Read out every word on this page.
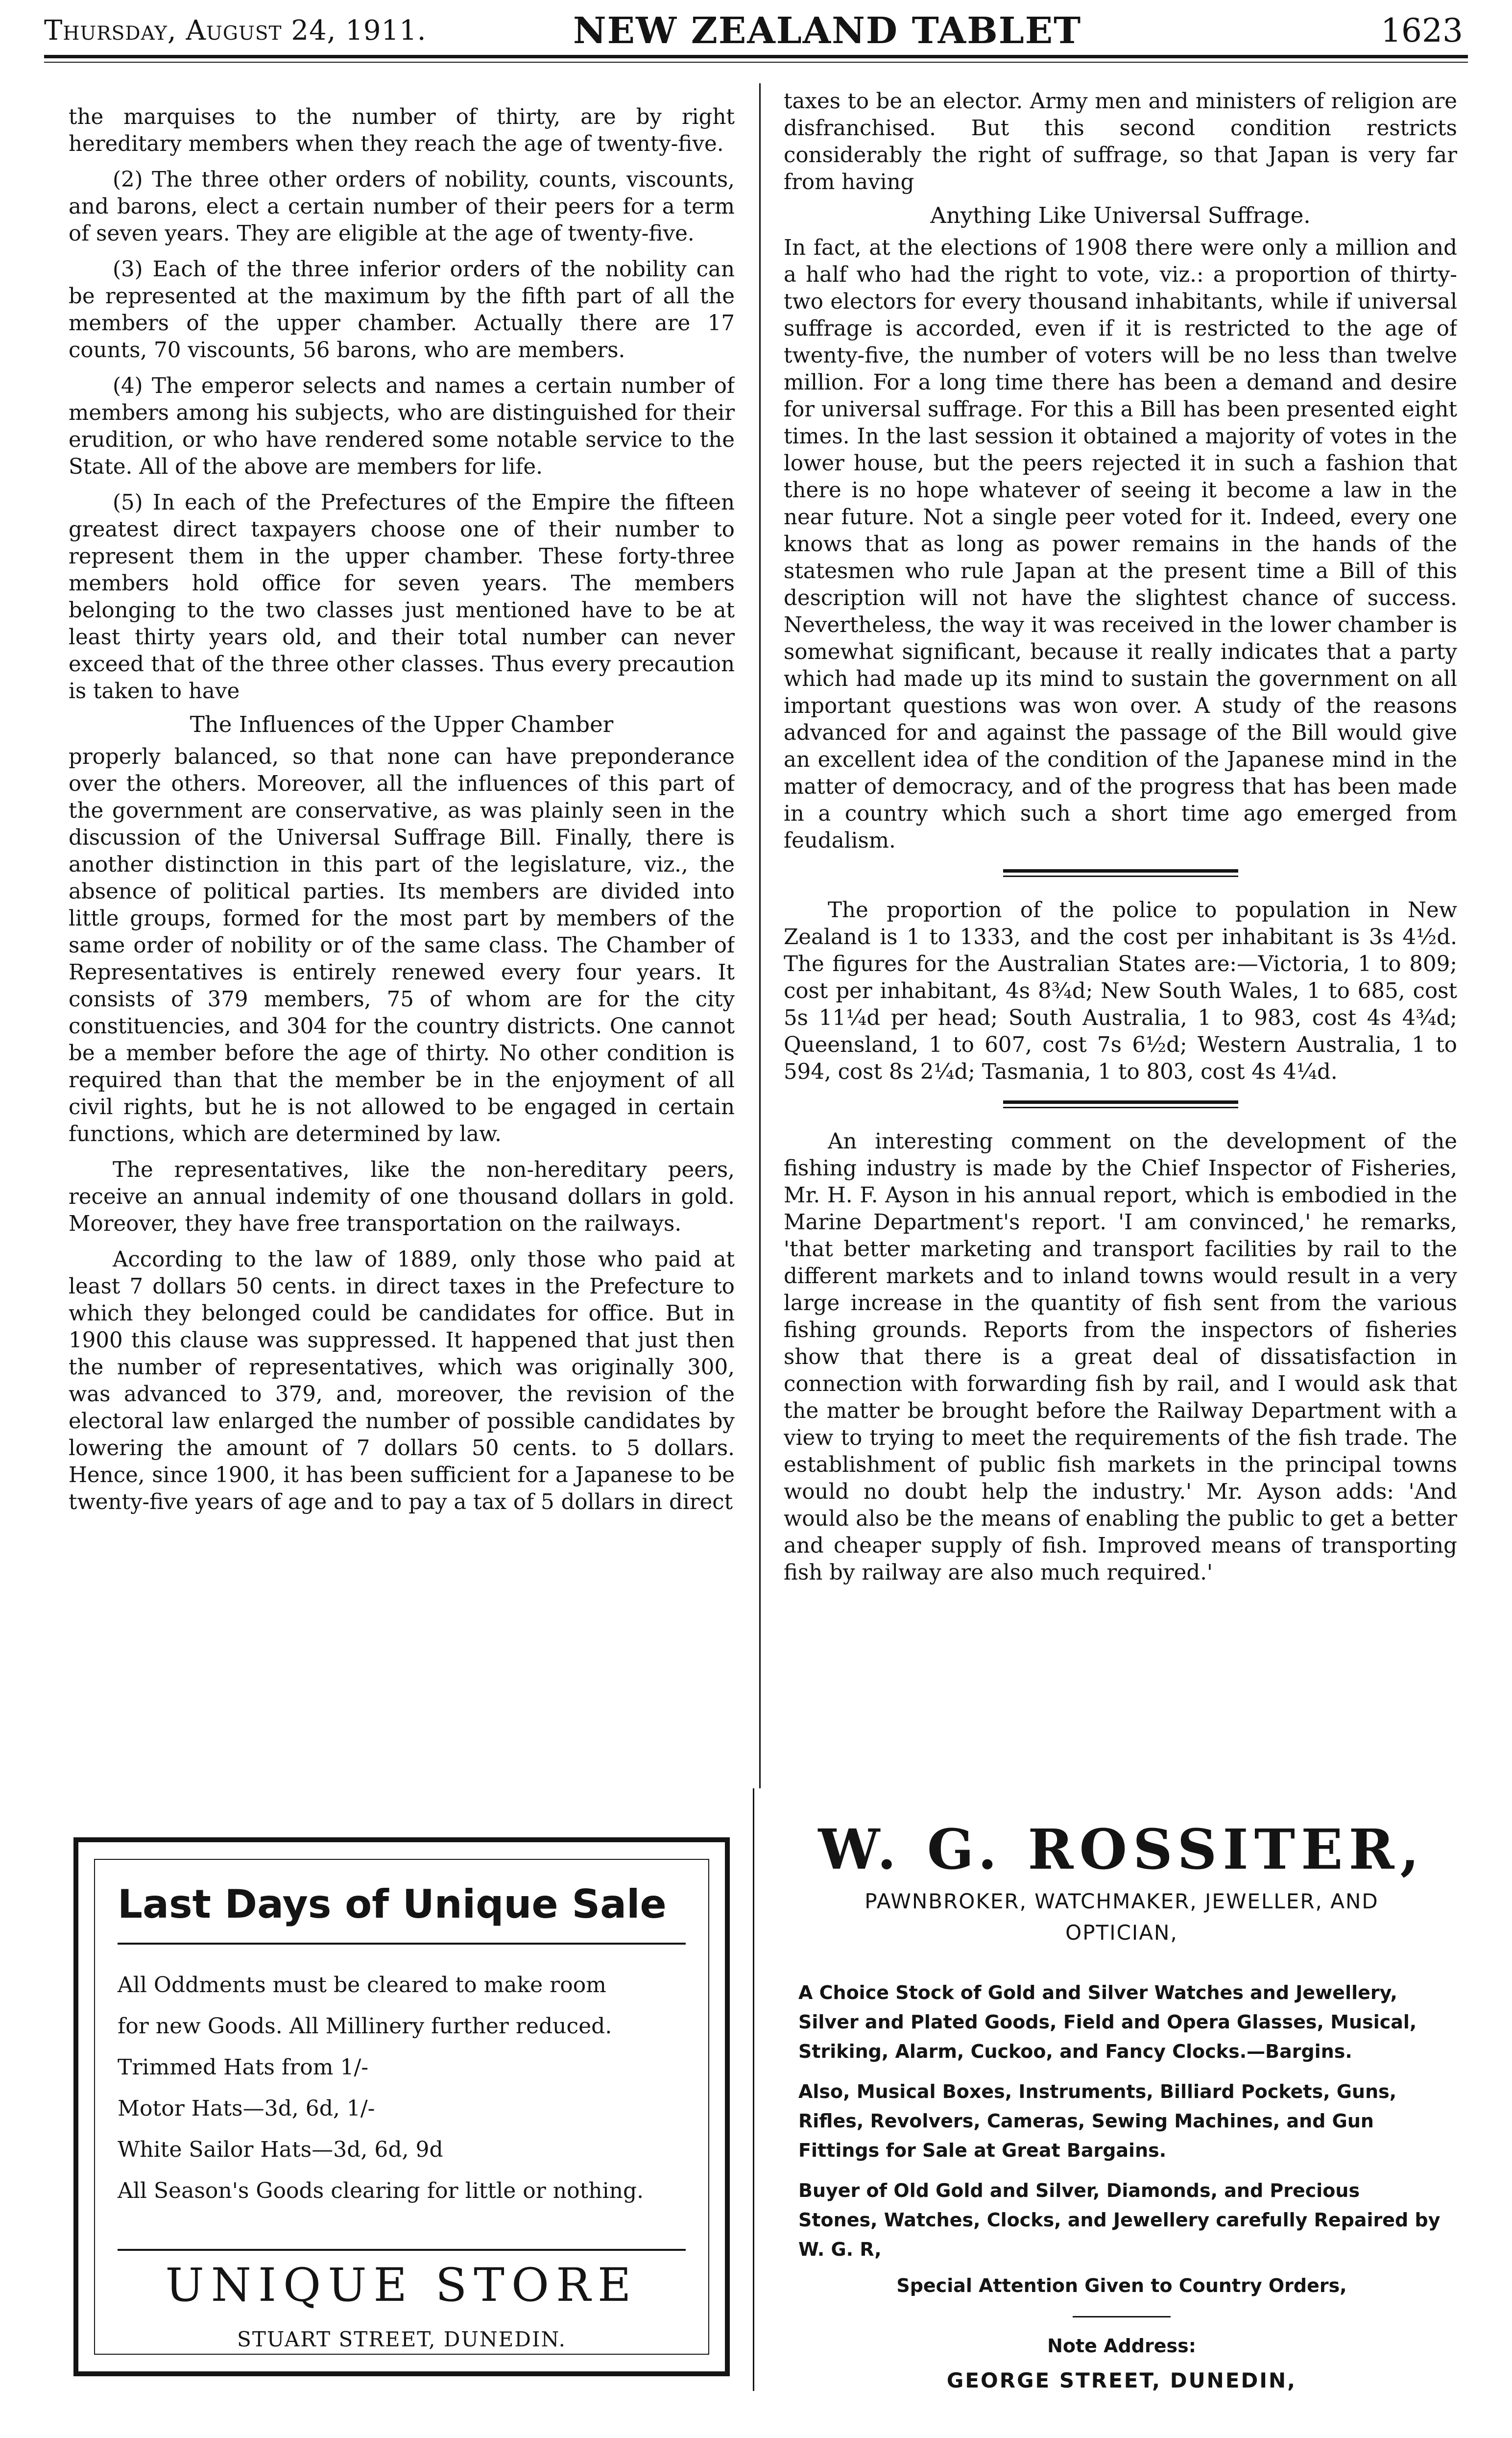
Thursday, August 24, 1911.	NEW ZEALAND TABLET	1623

the marquises to the number of thirty, are by right hereditary members when they reach the age of twenty-five.

(2) The three other orders of nobility, counts, viscounts, and barons, elect a certain number of their peers for a term of seven years. They are eligible at the age of twenty-five.

(3) Each of the three inferior orders of the nobility can be represented at the maximum by the fifth part of all the members of the upper chamber. Actually there are 17 counts, 70 viscounts, 56 barons, who are members.

(4) The emperor selects and names a certain number of members among his subjects, who are distinguished for their erudition, or who have rendered some notable service to the State. All of the above are members for life.

(5) In each of the Prefectures of the Empire the fifteen greatest direct taxpayers choose one of their number to represent them in the upper chamber. These forty-three members hold office for seven years. The members belonging to the two classes just mentioned have to be at least thirty years old, and their total number can never exceed that of the three other classes. Thus every precaution is taken to have

The Influences of the Upper Chamber

properly balanced, so that none can have preponderance over the others. Moreover, all the influences of this part of the government are conservative, as was plainly seen in the discussion of the Universal Suffrage Bill. Finally, there is another distinction in this part of the legislature, viz., the absence of political parties. Its members are divided into little groups, formed for the most part by members of the same order of nobility or of the same class. The Chamber of Representatives is entirely renewed every four years. It consists of 379 members, 75 of whom are for the city constituencies, and 304 for the country districts. One cannot be a member before the age of thirty. No other condition is required than that the member be in the enjoyment of all civil rights, but he is not allowed to be engaged in certain functions, which are determined by law.

The representatives, like the non-hereditary peers, receive an annual indemity of one thousand dollars in gold. Moreover, they have free transportation on the railways.

According to the law of 1889, only those who paid at least 7 dollars 50 cents. in direct taxes in the Prefecture to which they belonged could be candidates for office. But in 1900 this clause was suppressed. It happened that just then the number of representatives, which was originally 300, was advanced to 379, and, moreover, the revision of the electoral law enlarged the number of possible candidates by lowering the amount of 7 dollars 50 cents. to 5 dollars. Hence, since 1900, it has been sufficient for a Japanese to be twenty-five years of age and to pay a tax of 5 dollars in direct

taxes to be an elector. Army men and ministers of religion are disfranchised. But this second condition restricts considerably the right of suffrage, so that Japan is very far from having

Anything Like Universal Suffrage.

In fact, at the elections of 1908 there were only a million and a half who had the right to vote, viz.: a proportion of thirty-two electors for every thousand inhabitants, while if universal suffrage is accorded, even if it is restricted to the age of twenty-five, the number of voters will be no less than twelve million. For a long time there has been a demand and desire for universal suffrage. For this a Bill has been presented eight times. In the last session it obtained a majority of votes in the lower house, but the peers rejected it in such a fashion that there is no hope whatever of seeing it become a law in the near future. Not a single peer voted for it. Indeed, every one knows that as long as power remains in the hands of the statesmen who rule Japan at the present time a Bill of this description will not have the slightest chance of success. Nevertheless, the way it was received in the lower chamber is somewhat significant, because it really indicates that a party which had made up its mind to sustain the government on all important questions was won over. A study of the reasons advanced for and against the passage of the Bill would give an excellent idea of the condition of the Japanese mind in the matter of democracy, and of the progress that has been made in a country which such a short time ago emerged from feudalism.

The proportion of the police to population in New Zealand is 1 to 1333, and the cost per inhabitant is 3s 4½d. The figures for the Australian States are:—Victoria, 1 to 809; cost per inhabitant, 4s 8¾d; New South Wales, 1 to 685, cost 5s 11¼d per head; South Australia, 1 to 983, cost 4s 4¾d; Queensland, 1 to 607, cost 7s 6½d; Western Australia, 1 to 594, cost 8s 2¼d; Tasmania, 1 to 803, cost 4s 4¼d.

An interesting comment on the development of the fishing industry is made by the Chief Inspector of Fisheries, Mr. H. F. Ayson in his annual report, which is embodied in the Marine Department's report. 'I am convinced,' he remarks, 'that better marketing and transport facilities by rail to the different markets and to inland towns would result in a very large increase in the quantity of fish sent from the various fishing grounds. Reports from the inspectors of fisheries show that there is a great deal of dissatisfaction in connection with forwarding fish by rail, and I would ask that the matter be brought before the Railway Department with a view to trying to meet the requirements of the fish trade. The establishment of public fish markets in the principal towns would no doubt help the industry.' Mr. Ayson adds: 'And would also be the means of enabling the public to get a better and cheaper supply of fish. Improved means of transporting fish by railway are also much required.'

Last Days of Unique Sale
All Oddments must be cleared to make room
for new Goods. All Millinery further reduced.
Trimmed Hats from 1/-
Motor Hats—3d, 6d, 1/-
White Sailor Hats—3d, 6d, 9d
All Season's Goods clearing for little or nothing.
UNIQUE STORE
STUART STREET, DUNEDIN.
W. G. ROSSITER,
PAWNBROKER, WATCHMAKER, JEWELLER, AND
OPTICIAN,

A Choice Stock of Gold and Silver Watches and Jewellery, Silver and Plated Goods, Field and Opera Glasses, Musical, Striking, Alarm, Cuckoo, and Fancy Clocks.—Bargins.

Also, Musical Boxes, Instruments, Billiard Pockets, Guns, Rifles, Revolvers, Cameras, Sewing Machines, and Gun Fittings for Sale at Great Bargains.

Buyer of Old Gold and Silver, Diamonds, and Precious Stones, Watches, Clocks, and Jewellery carefully Repaired by W. G. R,

Special Attention Given to Country Orders,
Note Address:
GEORGE STREET, DUNEDIN,
